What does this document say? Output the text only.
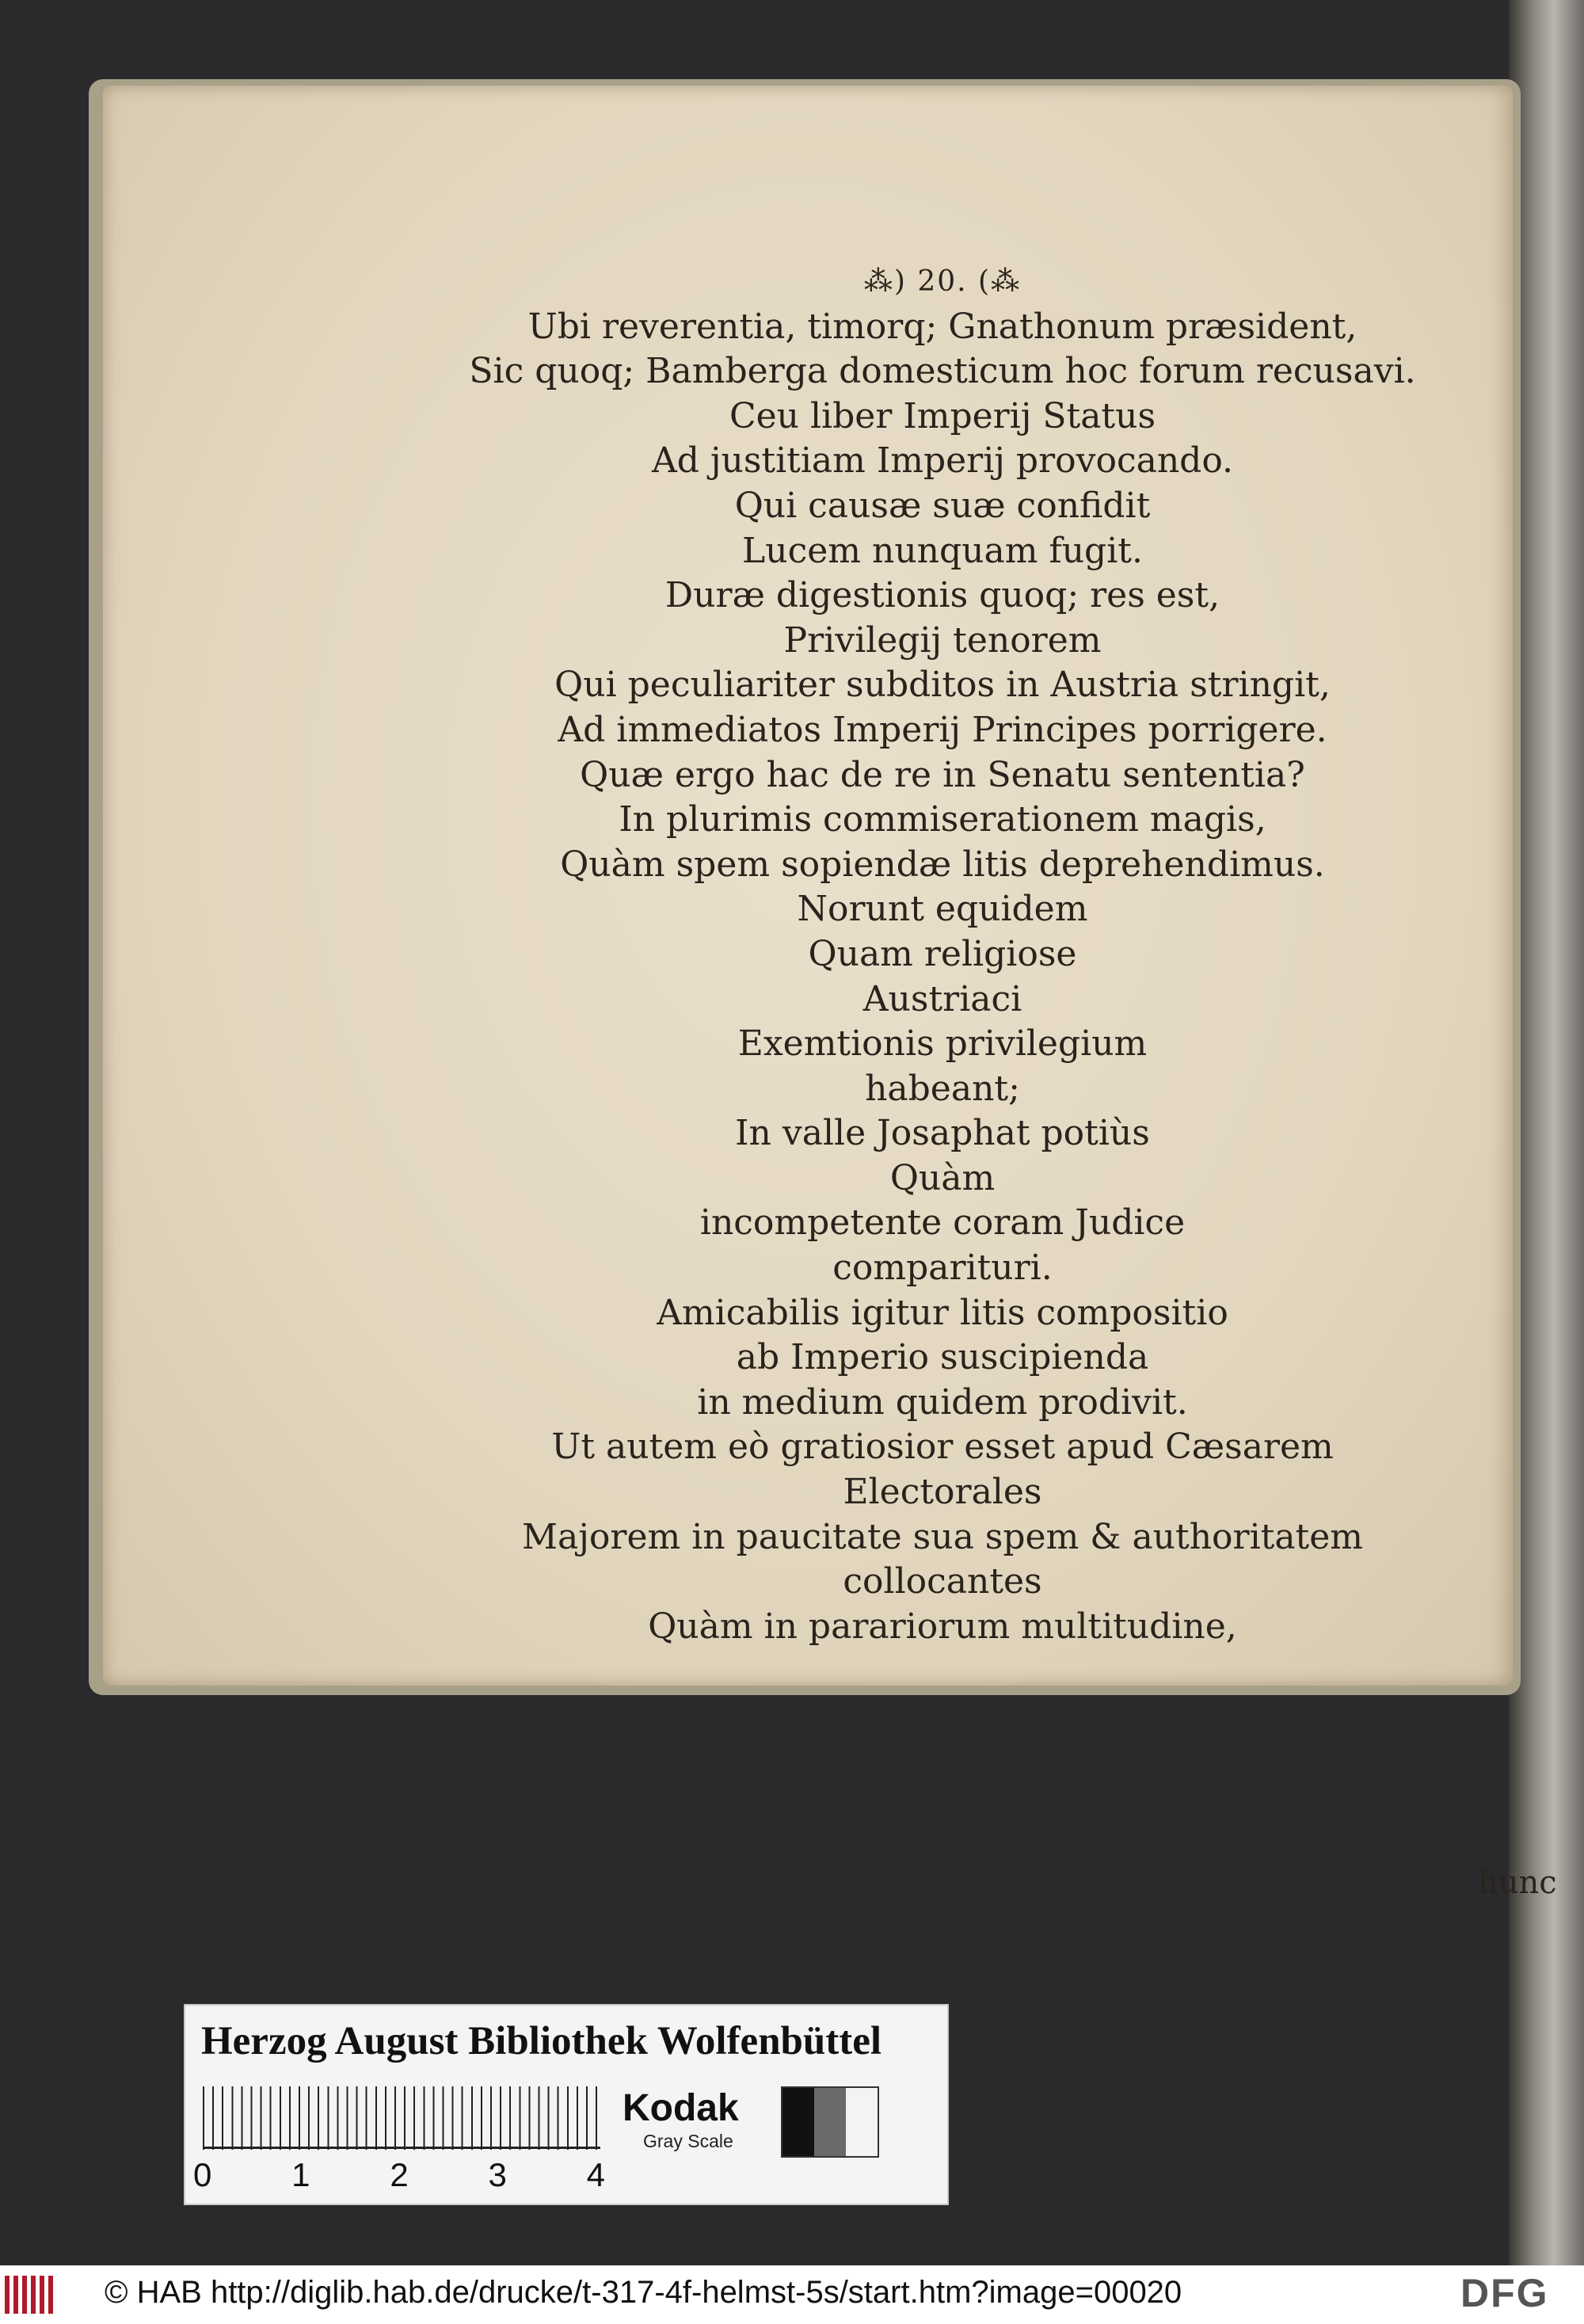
⁂) 20. (⁂
Ubi reverentia, timorq; Gnathonum præsident,
Sic quoq; Bamberga domesticum hoc forum recusavi.
Ceu liber Imperij Status
Ad justitiam Imperij provocando.
Qui causæ suæ confidit
Lucem nunquam fugit.
Duræ digestionis quoq; res est,
Privilegij tenorem
Qui peculiariter subditos in Austria stringit,
Ad immediatos Imperij Principes porrigere.
Quæ ergo hac de re in Senatu sententia?
In plurimis commiserationem magis,
Quàm spem sopiendæ litis deprehendimus.
Norunt equidem
Quam religiose
Austriaci
Exemtionis privilegium
habeant;
In valle Josaphat potiùs
Quàm
incompetente coram Judice
compariturі.
Amicabilis igitur litis compositio
ab Imperio suscipienda
in medium quidem prodivit.
Ut autem eò gratiosior esset apud Cæsarem
Electorales
Majorem in paucitate sua spem & authoritatem
collocantes
Quàm in parariorum multitudine,
hunc
Herzog August Bibliothek Wolfenbüttel
0 1 2 3 4
Kodak
Gray Scale
© HAB http://diglib.hab.de/drucke/t-317-4f-helmst-5s/start.htm?image=00020	DFG
